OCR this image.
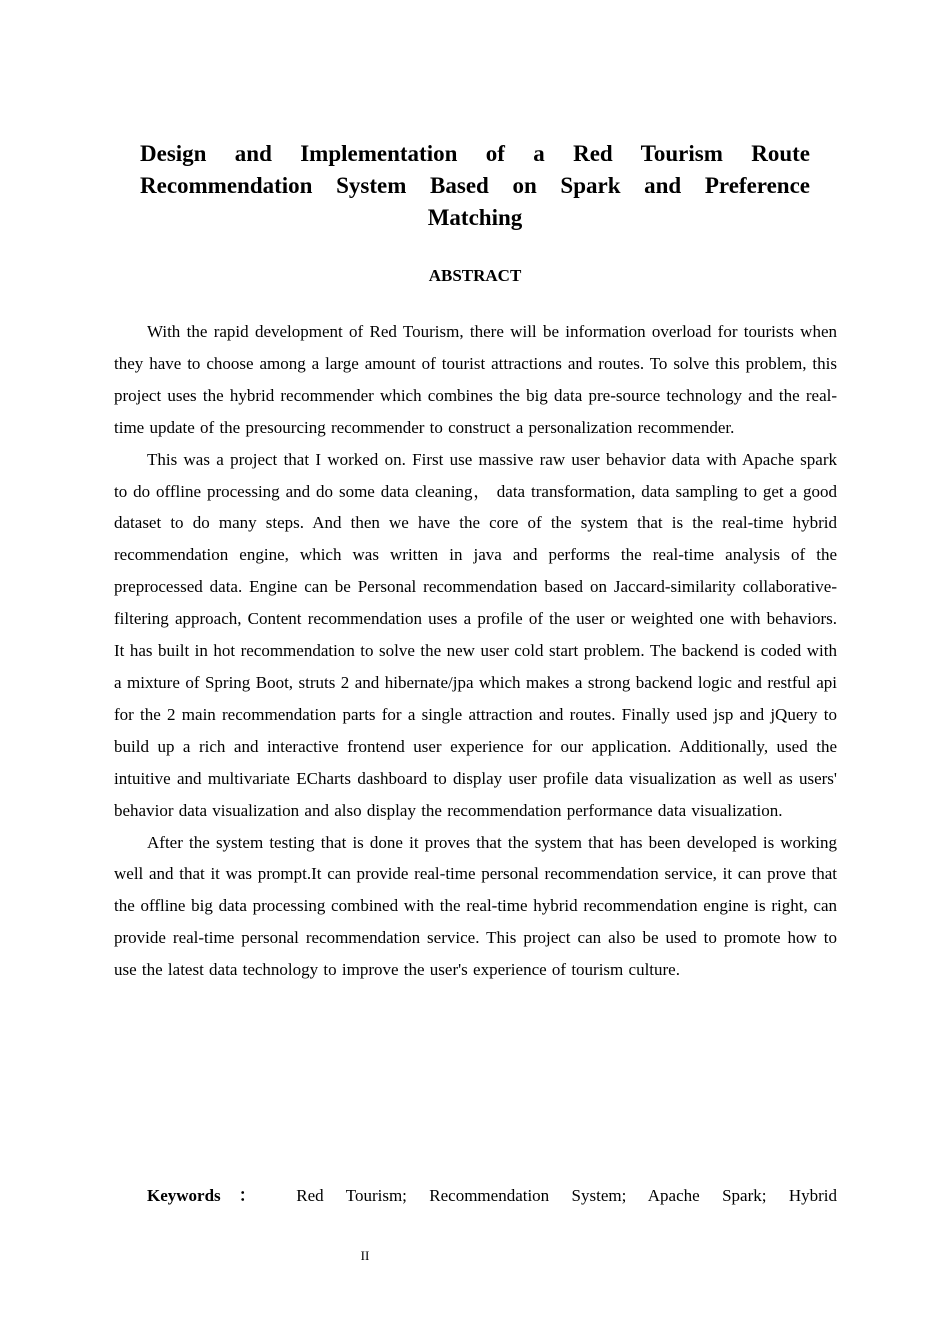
Design and Implementation of a Red Tourism Route Recommendation System Based on Spark and Preference Matching
ABSTRACT

With the rapid development of Red Tourism, there will be information overload for tourists when they have to choose among a large amount of tourist attractions and routes. To solve this problem, this project uses the hybrid recommender which combines the big data pre-source technology and the real-time update of the presourcing recommender to construct a personalization recommender.

This was a project that I worked on. First use massive raw user behavior data with Apache spark to do offline processing and do some data cleaning， data transformation, data sampling to get a good dataset to do many steps. And then we have the core of the system that is the real-time hybrid recommendation engine, which was written in java and performs the real-time analysis of the preprocessed data. Engine can be Personal recommendation based on Jaccard-similarity collaborative-filtering approach, Content recommendation uses a profile of the user or weighted one with behaviors. It has built in hot recommendation to solve the new user cold start problem. The backend is coded with a mixture of Spring Boot, struts 2 and hibernate/jpa which makes a strong backend logic and restful api for the 2 main recommendation parts for a single attraction and routes. Finally used jsp and jQuery to build up a rich and interactive frontend user experience for our application. Additionally, used the intuitive and multivariate ECharts dashboard to display user profile data visualization as well as users' behavior data visualization and also display the recommendation performance data visualization.

After the system testing that is done it proves that the system that has been developed is working well and that it was prompt.It can provide real-time personal recommendation service, it can prove that the offline big data processing combined with the real-time hybrid recommendation engine is right, can provide real-time personal recommendation service. This project can also be used to promote how to use the latest data technology to improve the user's experience of tourism culture.

Keywords： Red Tourism; Recommendation System; Apache Spark; Hybrid

II
